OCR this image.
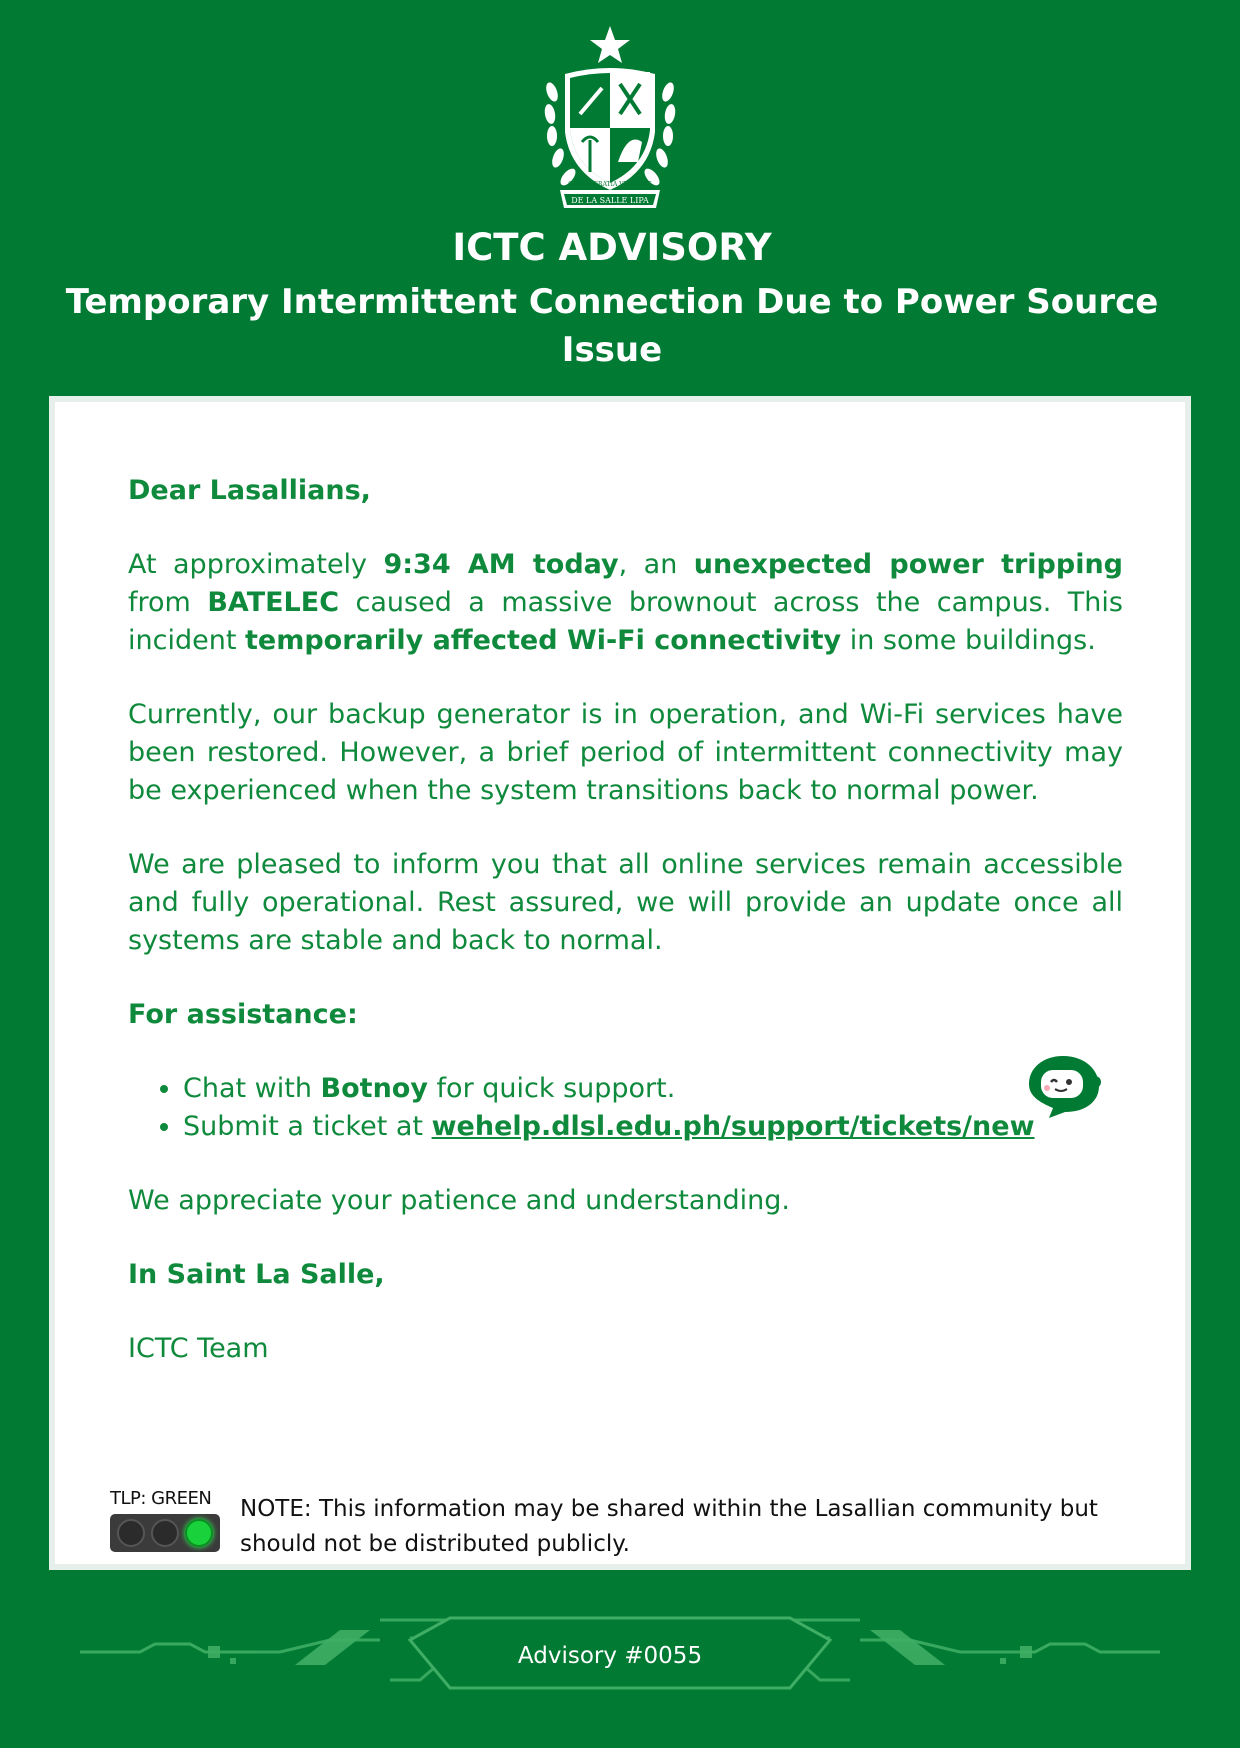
DE LA SALLE LIPA
CREDO GRATIA VIRTUTES
ICTC ADVISORY
Temporary Intermittent Connection Due to Power Source Issue

Dear Lasallians,

At approximately 9:34 AM today, an unexpected power tripping from BATELEC caused a massive brownout across the campus. This incident temporarily affected Wi-Fi connectivity in some buildings.

Currently, our backup generator is in operation, and Wi-Fi services have been restored. However, a brief period of intermittent connectivity may be experienced when the system transitions back to normal power.

We are pleased to inform you that all online services remain accessible and fully operational. Rest assured, we will provide an update once all systems are stable and back to normal.

For assistance:

• Chat with Botnoy for quick support.
• Submit a ticket at wehelp.dlsl.edu.ph/support/tickets/new

We appreciate your patience and understanding.

In Saint La Salle,

ICTC Team

TLP: GREEN	NOTE: This information may be shared within the Lasallian community but should not be distributed publicly.
Advisory #0055
